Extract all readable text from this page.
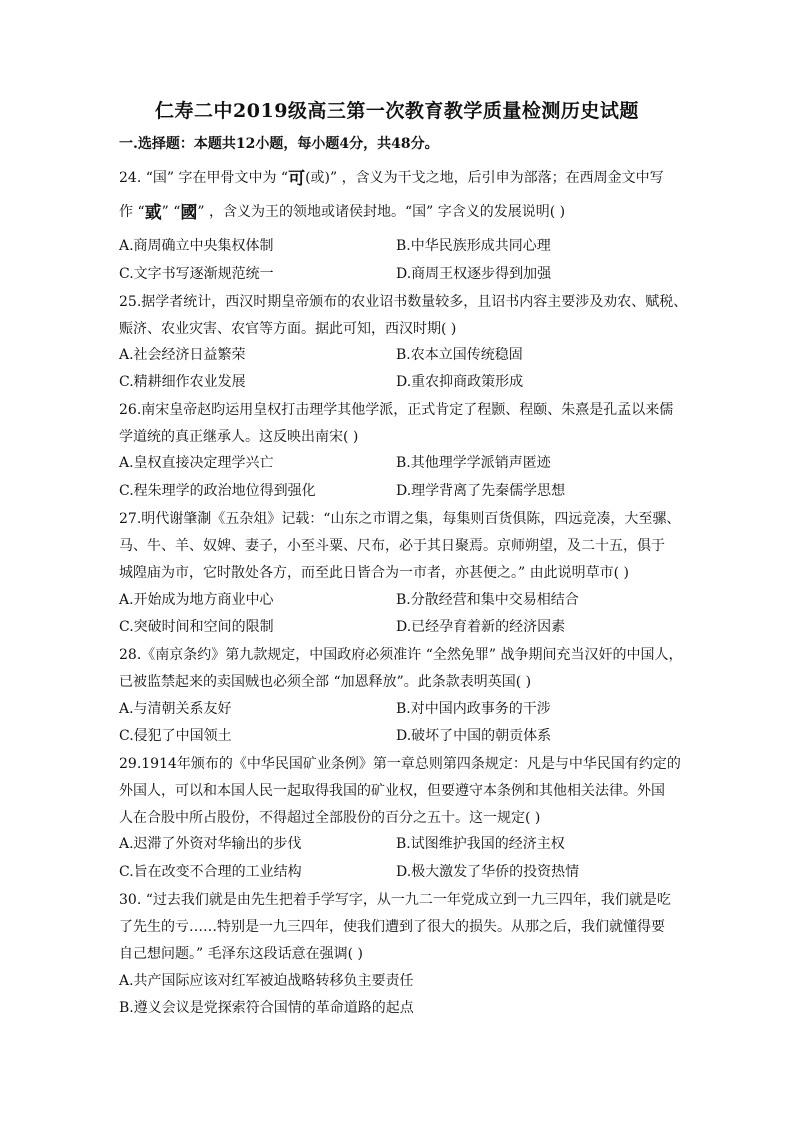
仁寿二中2019级高三第一次教育教学质量检测历史试题
一.选择题：本题共12小题，每小题4分，共48分。
24. “国” 字在甲骨文中为 “可(或)” ，含义为干戈之地，后引申为部落；在西周金文中写
作 “戜” “國” ，含义为王的领地或诸侯封地。“国” 字含义的发展说明( )
A.商周确立中央集权体制	B.中华民族形成共同心理
C.文字书写逐渐规范统一	D.商周王权逐步得到加强
25.据学者统计，西汉时期皇帝颁布的农业诏书数量较多，且诏书内容主要涉及劝农、赋税、
赈济、农业灾害、农官等方面。据此可知，西汉时期( )
A.社会经济日益繁荣	B.农本立国传统稳固
C.精耕细作农业发展	D.重农抑商政策形成
26.南宋皇帝赵昀运用皇权打击理学其他学派，正式肯定了程颢、程颐、朱熹是孔孟以来儒
学道统的真正继承人。这反映出南宋( )
A.皇权直接决定理学兴亡	B.其他理学学派销声匿迹
C.程朱理学的政治地位得到强化	D.理学背离了先秦儒学思想
27.明代谢肇淛《五杂俎》记载：“山东之市谓之集，每集则百货俱陈，四远竞凑，大至骡、
马、牛、羊、奴婢、妻子，小至斗粟、尺布，必于其日聚焉。京师朔望，及二十五，俱于
城隍庙为市，它时散处各方，而至此日皆合为一市者，亦甚便之。” 由此说明草市( )
A.开始成为地方商业中心	B.分散经营和集中交易相结合
C.突破时间和空间的限制	D.已经孕育着新的经济因素
28.《南京条约》第九款规定，中国政府必须准许 “全然免罪” 战争期间充当汉奸的中国人，
已被监禁起来的卖国贼也必须全部 “加恩释放”。此条款表明英国( )
A.与清朝关系友好	B.对中国内政事务的干涉
C.侵犯了中国领土	D.破坏了中国的朝贡体系
29.1914年颁布的《中华民国矿业条例》第一章总则第四条规定：凡是与中华民国有约定的
外国人，可以和本国人民一起取得我国的矿业权，但要遵守本条例和其他相关法律。外国
人在合股中所占股份，不得超过全部股份的百分之五十。这一规定( )
A.迟滞了外资对华输出的步伐	B.试图维护我国的经济主权
C.旨在改变不合理的工业结构	D.极大激发了华侨的投资热情
30. “过去我们就是由先生把着手学写字，从一九二一年党成立到一九三四年，我们就是吃
了先生的亏……特别是一九三四年，使我们遭到了很大的损失。从那之后，我们就懂得要
自己想问题。” 毛泽东这段话意在强调( )
A.共产国际应该对红军被迫战略转移负主要责任
B.遵义会议是党探索符合国情的革命道路的起点
